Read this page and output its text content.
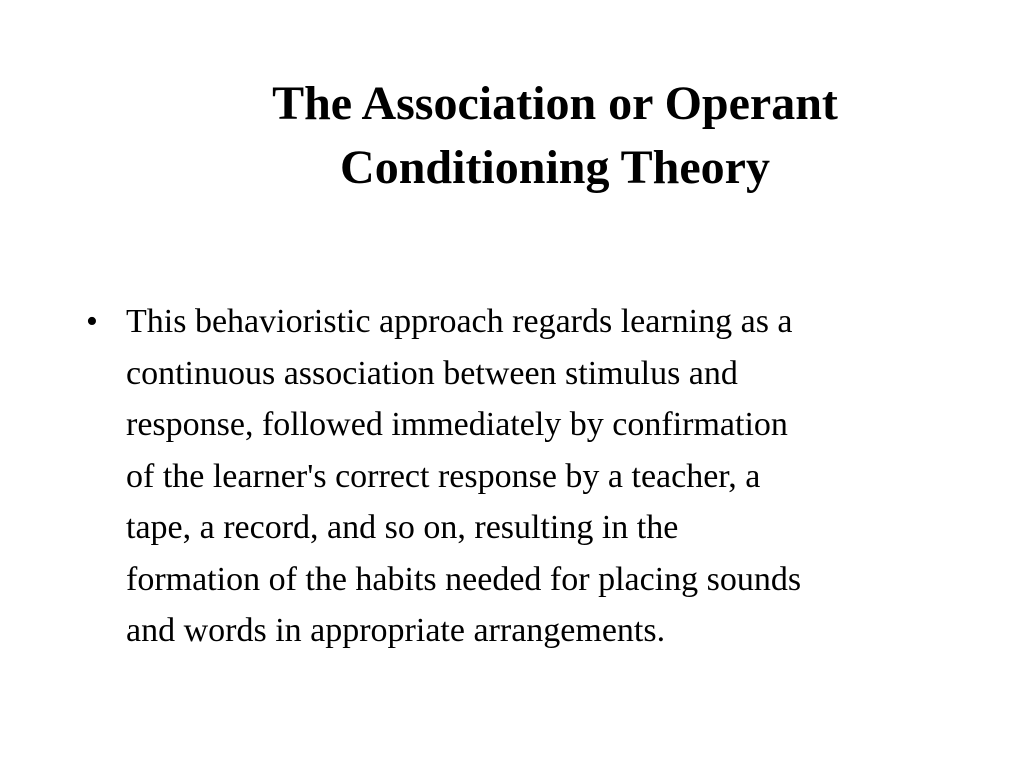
The Association or Operant
Conditioning Theory
• This behavioristic approach regards learning as a
continuous association between stimulus and
response, followed immediately by confirmation
of the learner's correct response by a teacher, a
tape, a record, and so on, resulting in the
formation of the habits needed for placing sounds
and words in appropriate arrangements.
